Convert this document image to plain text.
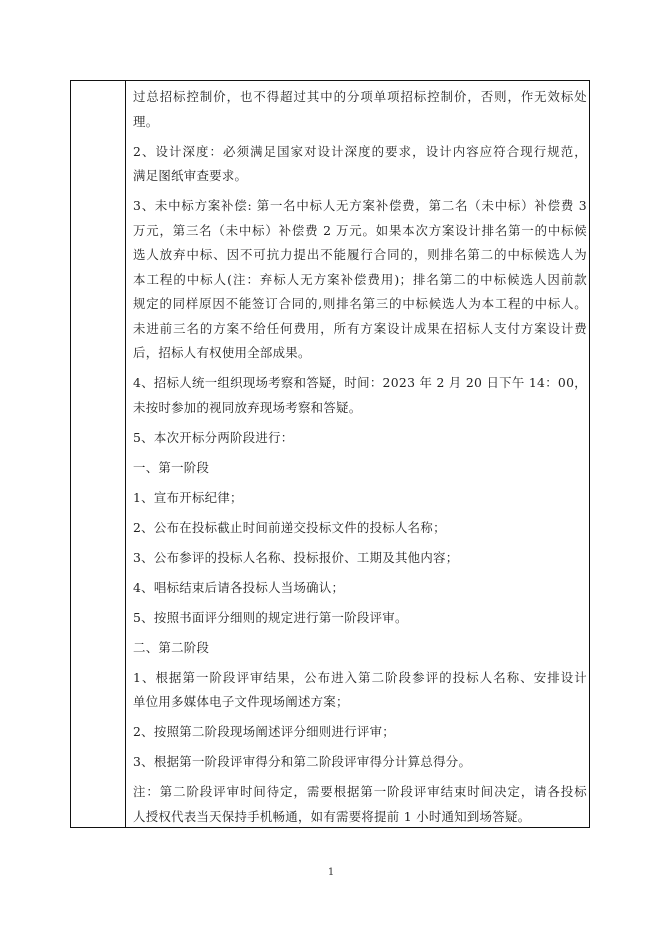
过总招标控制价，也不得超过其中的分项单项招标控制价，否则，作无效标处
理。
2、设计深度：必须满足国家对设计深度的要求，设计内容应符合现行规范，
满足图纸审查要求。
3、未中标方案补偿: 第一名中标人无方案补偿费，第二名（未中标）补偿费 3
万元，第三名（未中标）补偿费 2 万元。如果本次方案设计排名第一的中标候
选人放弃中标、因不可抗力提出不能履行合同的，则排名第二的中标候选人为
本工程的中标人(注：弃标人无方案补偿费用)；排名第二的中标候选人因前款
规定的同样原因不能签订合同的,则排名第三的中标候选人为本工程的中标人。
未进前三名的方案不给任何费用，所有方案设计成果在招标人支付方案设计费
后，招标人有权使用全部成果。
4、招标人统一组织现场考察和答疑，时间：2023 年 2 月 20 日下午 14：00，
未按时参加的视同放弃现场考察和答疑。
5、本次开标分两阶段进行：
一、第一阶段
1、宣布开标纪律；
2、公布在投标截止时间前递交投标文件的投标人名称；
3、公布参评的投标人名称、投标报价、工期及其他内容；
4、唱标结束后请各投标人当场确认；
5、按照书面评分细则的规定进行第一阶段评审。
二、第二阶段
1、根据第一阶段评审结果，公布进入第二阶段参评的投标人名称、安排设计
单位用多媒体电子文件现场阐述方案；
2、按照第二阶段现场阐述评分细则进行评审；
3、根据第一阶段评审得分和第二阶段评审得分计算总得分。
注：第二阶段评审时间待定，需要根据第一阶段评审结束时间决定，请各投标
人授权代表当天保持手机畅通，如有需要将提前 1 小时通知到场答疑。
1
